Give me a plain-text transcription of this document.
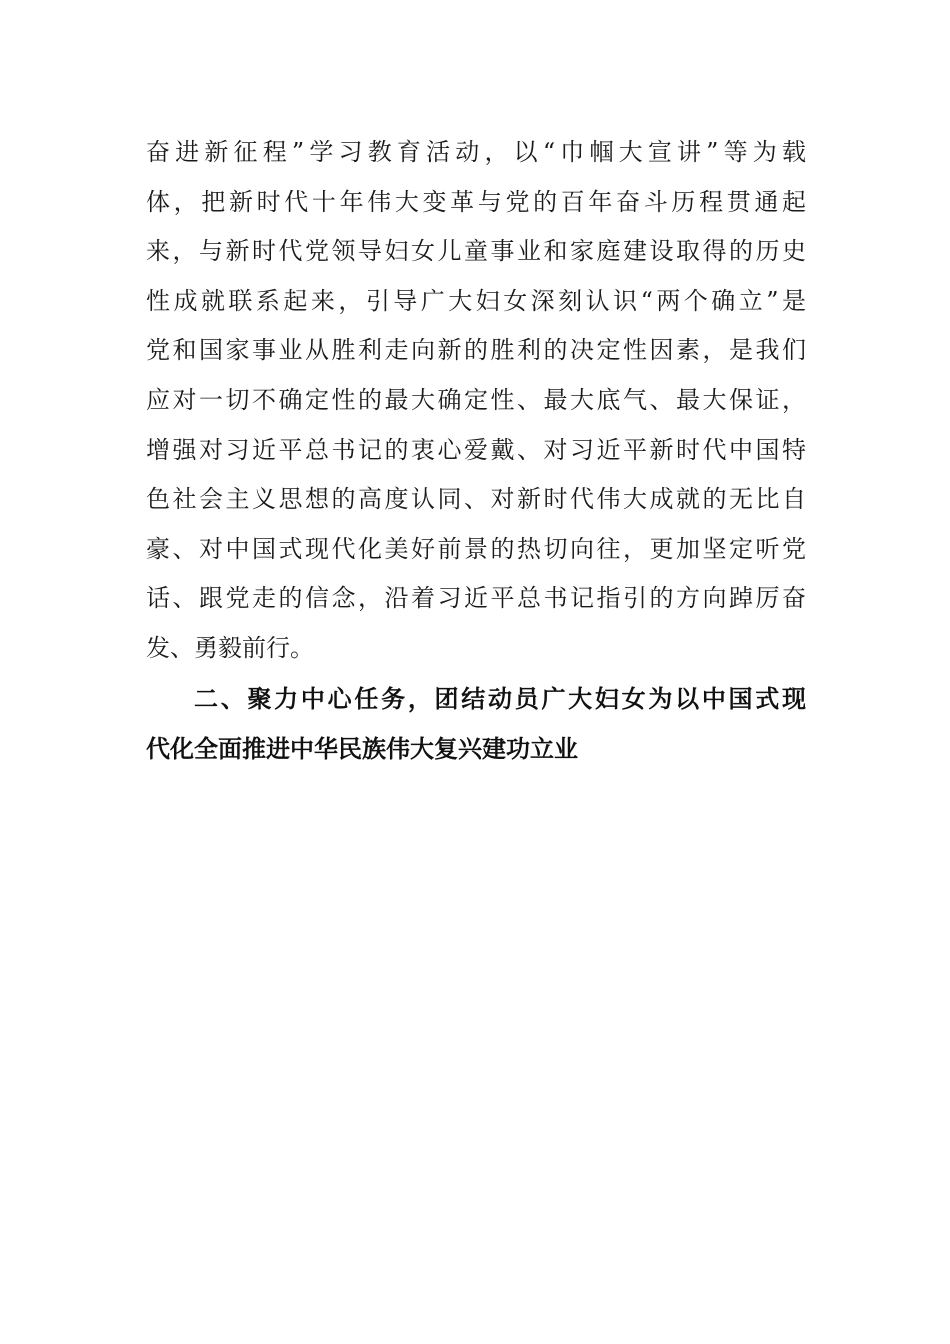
奋进新征程”学习教育活动，以“巾帼大宣讲”等为载
体，把新时代十年伟大变革与党的百年奋斗历程贯通起
来，与新时代党领导妇女儿童事业和家庭建设取得的历史
性成就联系起来，引导广大妇女深刻认识“两个确立”是
党和国家事业从胜利走向新的胜利的决定性因素，是我们
应对一切不确定性的最大确定性、最大底气、最大保证，
增强对习近平总书记的衷心爱戴、对习近平新时代中国特
色社会主义思想的高度认同、对新时代伟大成就的无比自
豪、对中国式现代化美好前景的热切向往，更加坚定听党
话、跟党走的信念，沿着习近平总书记指引的方向踔厉奋
发、勇毅前行。
二、聚力中心任务，团结动员广大妇女为以中国式现
代化全面推进中华民族伟大复兴建功立业
